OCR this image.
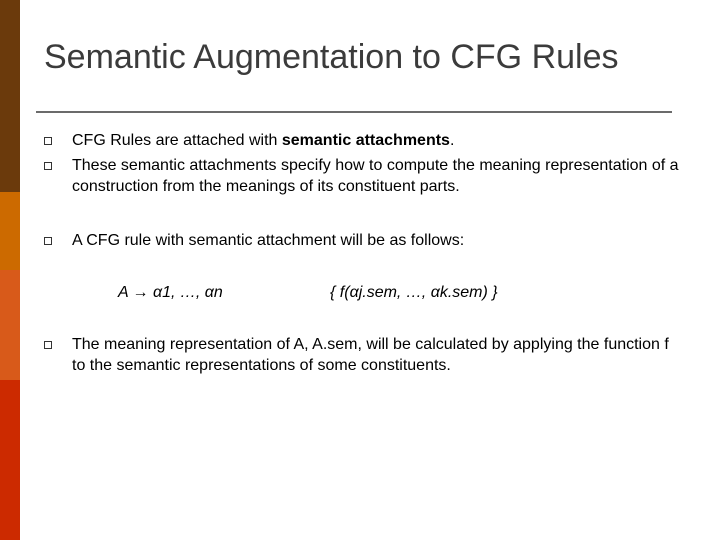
Semantic Augmentation to CFG Rules
CFG Rules are attached with semantic attachments.
These semantic attachments specify how to compute the meaning representation of a construction from the meanings of its constituent parts.
A CFG rule with semantic attachment will be as follows:
A → α1, …, αn	{ f(αj.sem, …, αk.sem) }
The meaning representation of A, A.sem, will be calculated by applying the function f to the semantic representations of some constituents.
